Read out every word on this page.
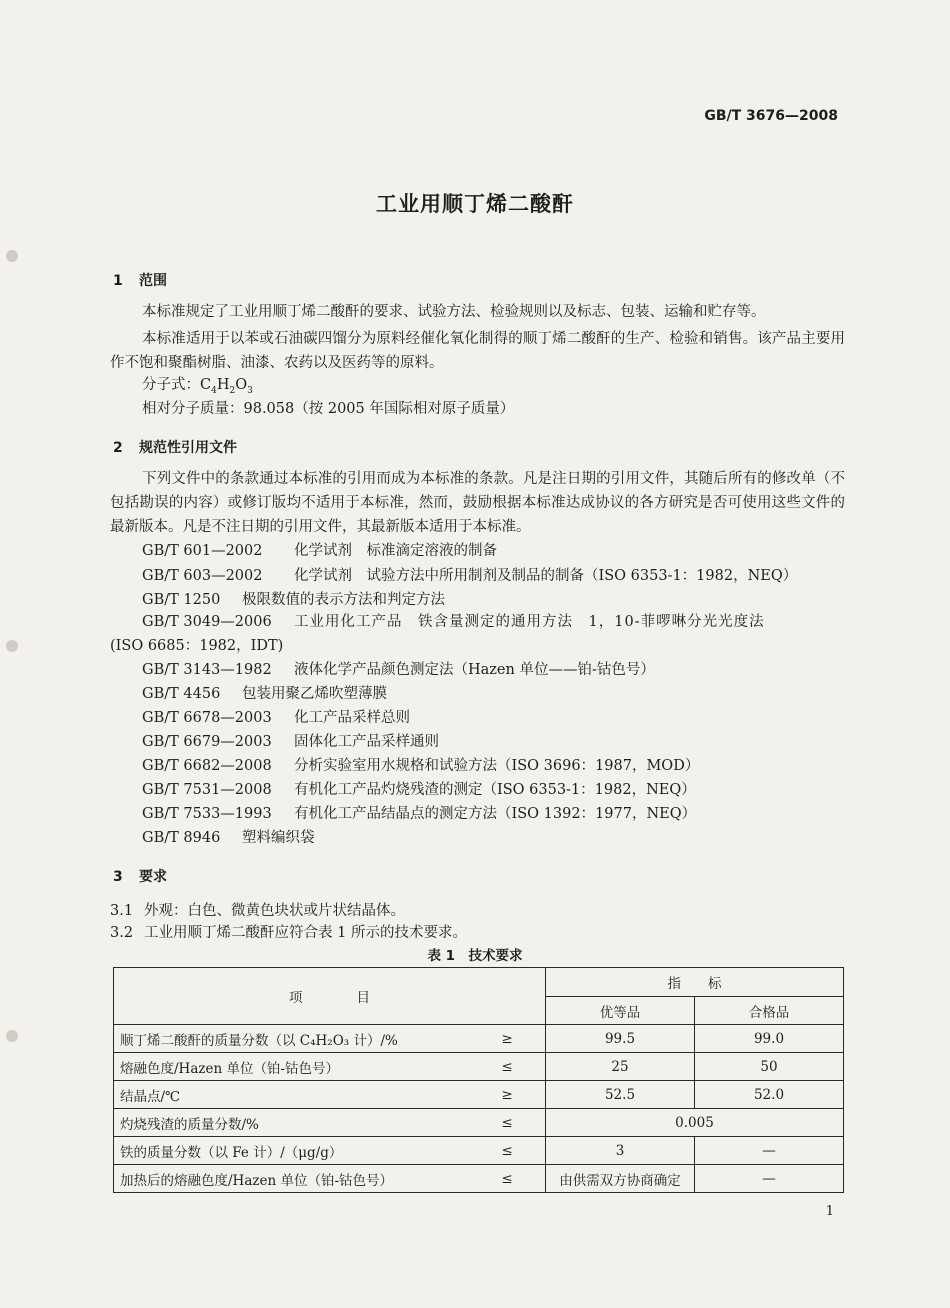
GB/T 3676—2008
工业用顺丁烯二酸酐
1 范围
本标准规定了工业用顺丁烯二酸酐的要求、试验方法、检验规则以及标志、包装、运输和贮存等。
本标准适用于以苯或石油碳四馏分为原料经催化氧化制得的顺丁烯二酸酐的生产、检验和销售。该产品主要用作不饱和聚酯树脂、油漆、农药以及医药等的原料。
分子式：$C_4H_2O_3$
相对分子质量：98.058（按 2005 年国际相对原子质量）
2 规范性引用文件
下列文件中的条款通过本标准的引用而成为本标准的条款。凡是注日期的引用文件，其随后所有的修改单（不包括勘误的内容）或修订版均不适用于本标准，然而，鼓励根据本标准达成协议的各方研究是否可使用这些文件的最新版本。凡是不注日期的引用文件，其最新版本适用于本标准。
GB/T 601—2002 化学试剂　标准滴定溶液的制备
GB/T 603—2002 化学试剂　试验方法中所用制剂及制品的制备（ISO 6353-1：1982，NEQ）
GB/T 1250 极限数值的表示方法和判定方法
GB/T 3049—2006 工业用化工产品　铁含量测定的通用方法　1，10-菲啰啉分光光度法
(ISO 6685：1982，IDT)
GB/T 3143—1982 液体化学产品颜色测定法（Hazen 单位——铂-钴色号）
GB/T 4456 包装用聚乙烯吹塑薄膜
GB/T 6678—2003 化工产品采样总则
GB/T 6679—2003 固体化工产品采样通则
GB/T 6682—2008 分析实验室用水规格和试验方法（ISO 3696：1987，MOD）
GB/T 7531—2008 有机化工产品灼烧残渣的测定（ISO 6353-1：1982，NEQ）
GB/T 7533—1993 有机化工产品结晶点的测定方法（ISO 1392：1977，NEQ）
GB/T 8946 塑料编织袋
3 要求
3.1 外观：白色、微黄色块状或片状结晶体。
3.2 工业用顺丁烯二酸酐应符合表 1 所示的技术要求。
表 1　技术要求
项　　　　目		指　　标	
		优等品	合格品
顺丁烯二酸酐的质量分数（以 C₄H₂O₃ 计）/%	≥	99.5	99.0
熔融色度/Hazen 单位（铂-钴色号）	≤	25	50
结晶点/℃	≥	52.5	52.0
灼烧残渣的质量分数/%	≤	0.005	
铁的质量分数（以 Fe 计）/（μg/g）	≤	3	—
加热后的熔融色度/Hazen 单位（铂-钴色号）	≤	由供需双方协商确定	—
1
